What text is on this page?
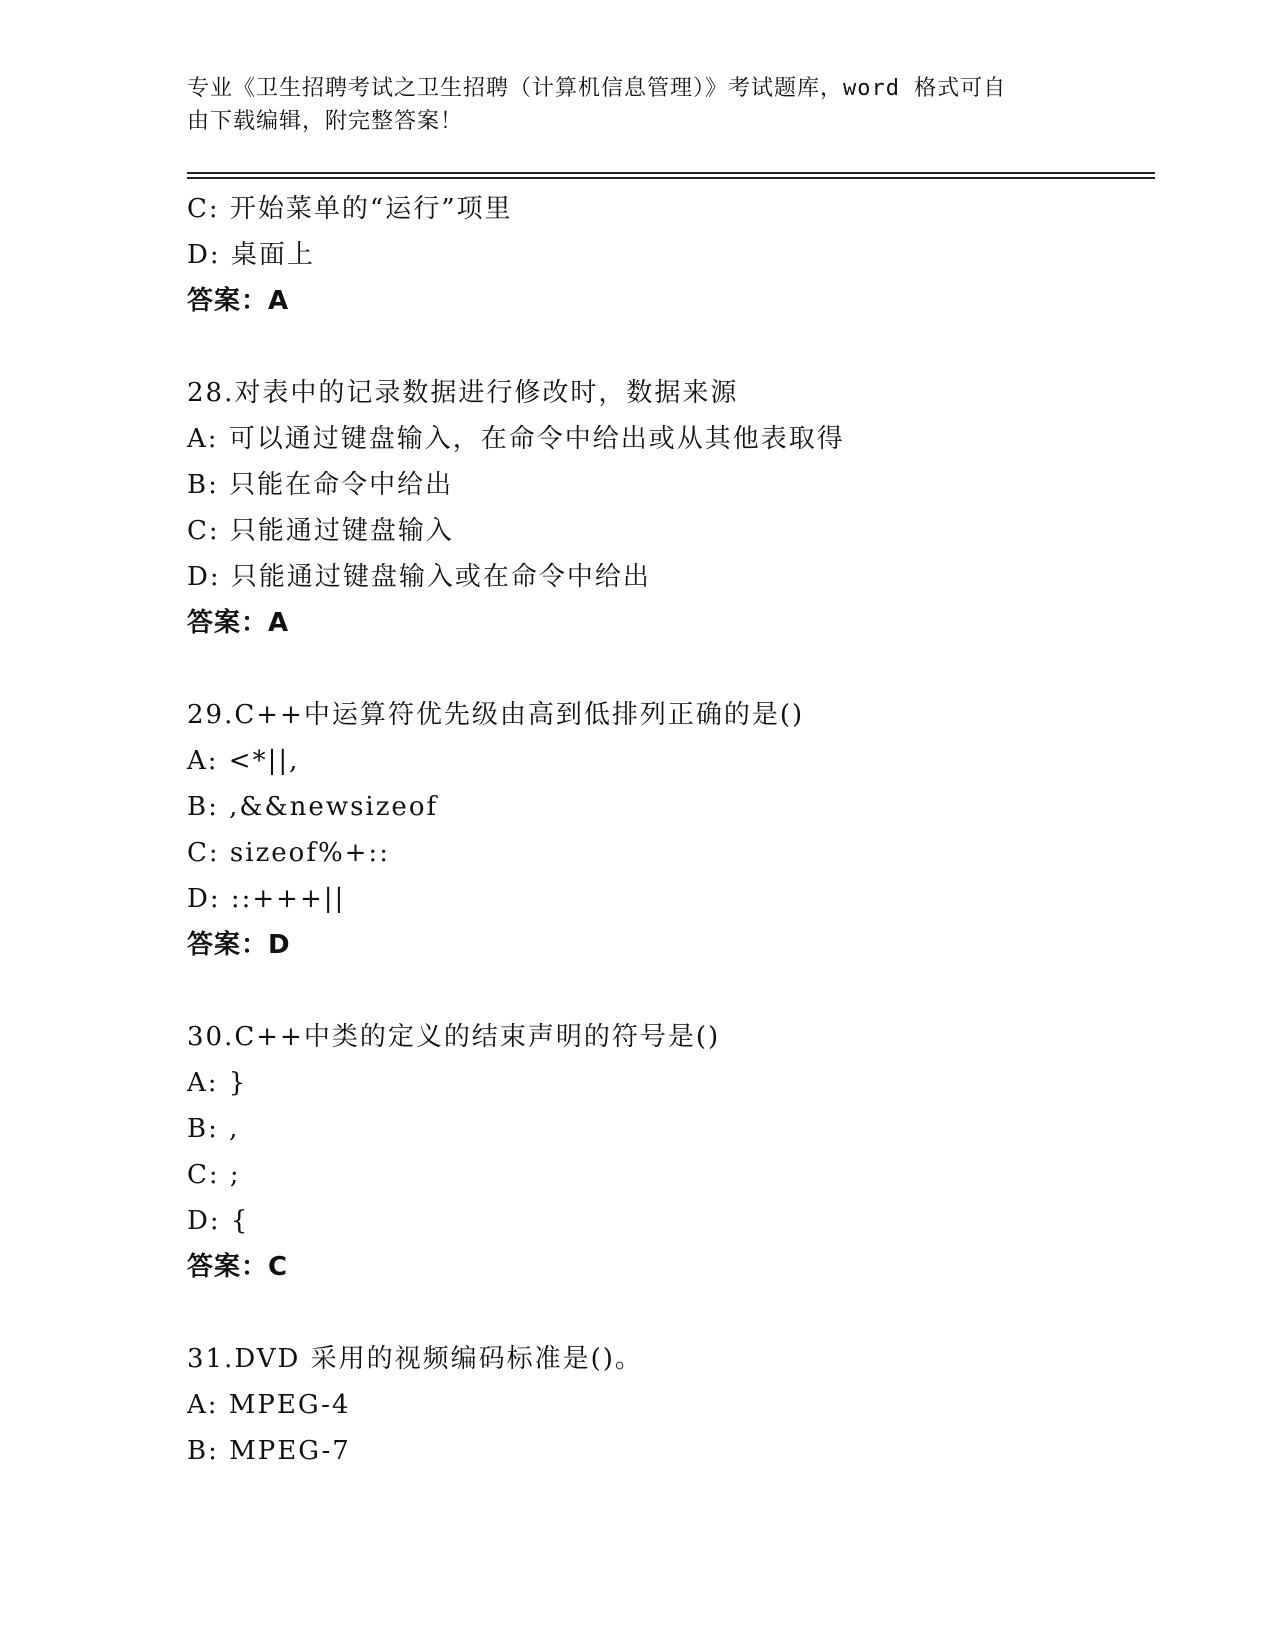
专业《卫生招聘考试之卫生招聘（计算机信息管理）》考试题库，word 格式可自
由下载编辑，附完整答案！
C: 开始菜单的“运行”项里
D: 桌面上
答案：A
28.对表中的记录数据进行修改时，数据来源
A: 可以通过键盘输入，在命令中给出或从其他表取得
B: 只能在命令中给出
C: 只能通过键盘输入
D: 只能通过键盘输入或在命令中给出
答案：A
29.C++中运算符优先级由高到低排列正确的是()
A: <*||,
B: ,&&newsizeof
C: sizeof%+::
D: ::+++||
答案：D
30.C++中类的定义的结束声明的符号是()
A: }
B: ,
C: ;
D: {
答案：C
31.DVD 采用的视频编码标准是()。
A: MPEG-4
B: MPEG-7
